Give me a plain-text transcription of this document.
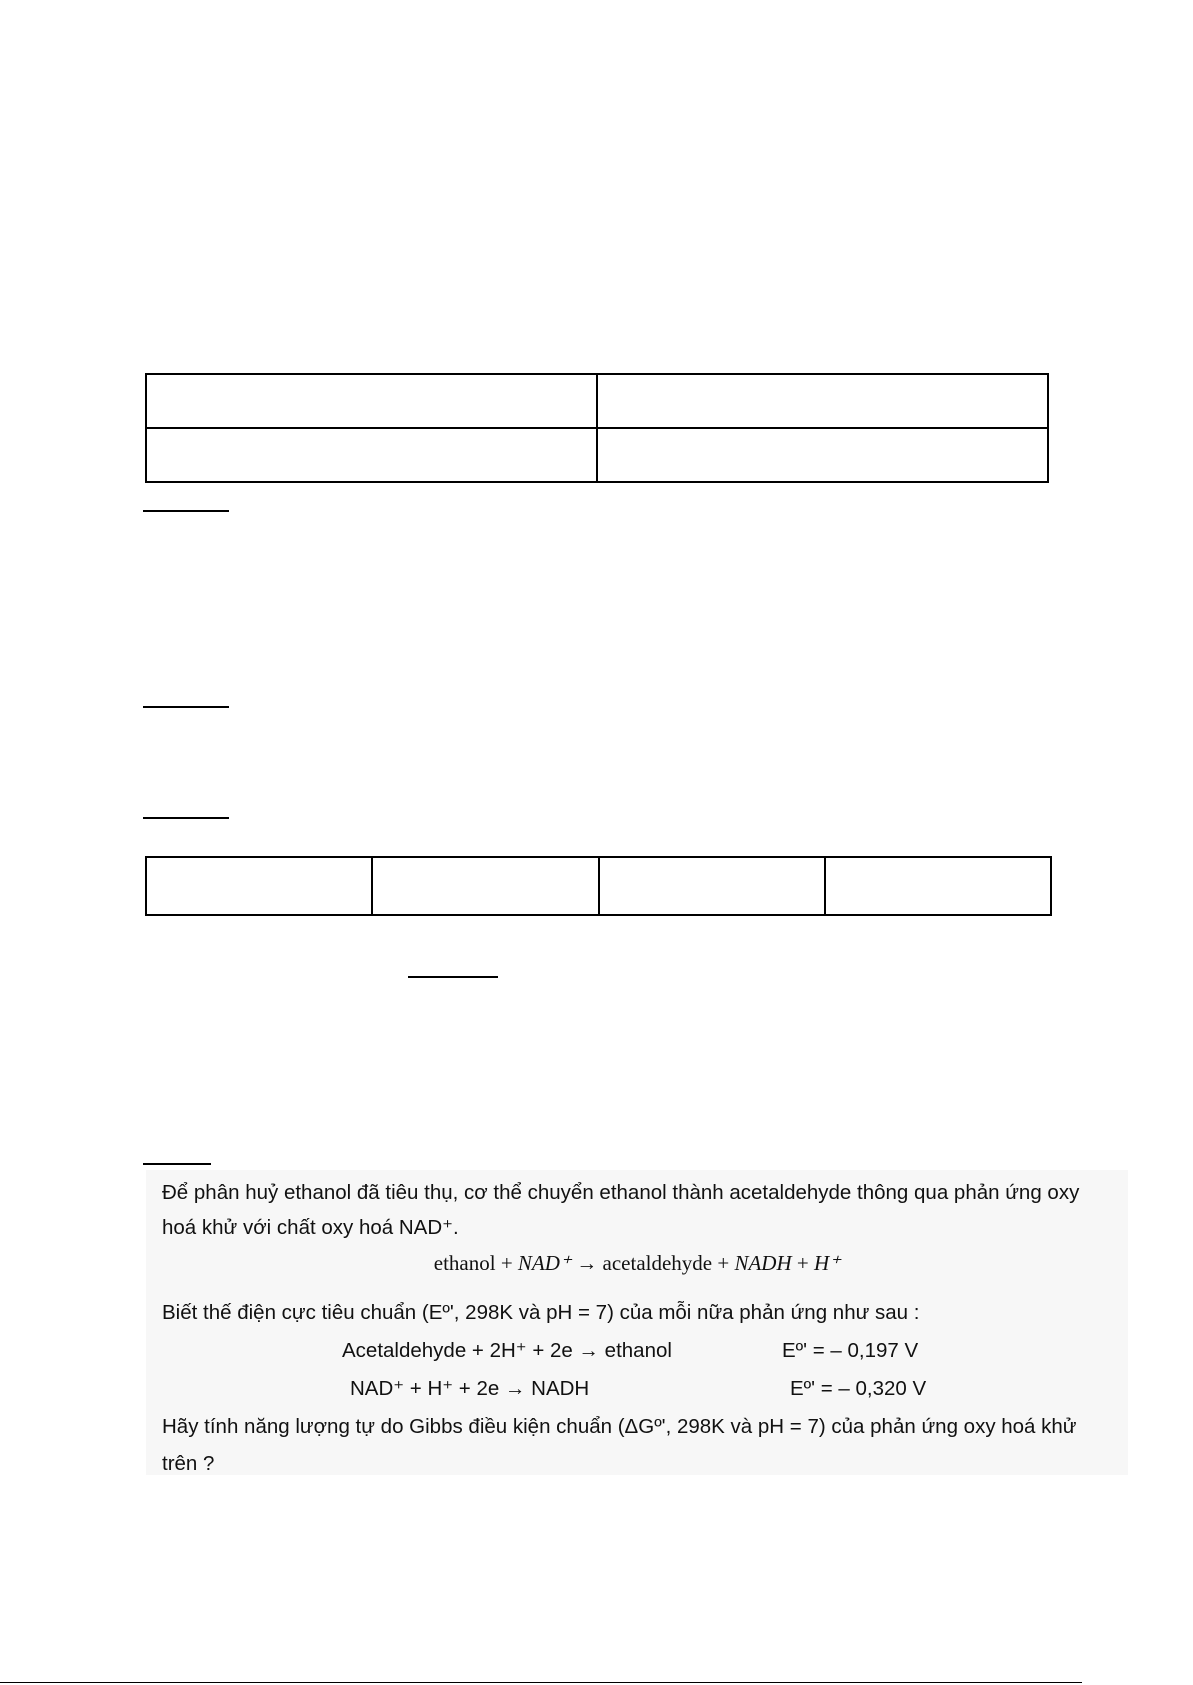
Để phân huỷ ethanol đã tiêu thụ, cơ thể chuyển ethanol thành acetaldehyde thông qua phản ứng oxy

hoá khử với chất oxy hoá NAD⁺.

ethanol + NAD⁺ → acetaldehyde + NADH + H⁺

Biết thế điện cực tiêu chuẩn (Eº', 298K và pH = 7) của mỗi nữa phản ứng như sau :

Acetaldehyde + 2H⁺ + 2e → ethanol	Eº' = – 0,197 V
NAD⁺ + H⁺ + 2e → NADH	Eº' = – 0,320 V

Hãy tính năng lượng tự do Gibbs điều kiện chuẩn (ΔGº', 298K và pH = 7) của phản ứng oxy hoá khử

trên ?
